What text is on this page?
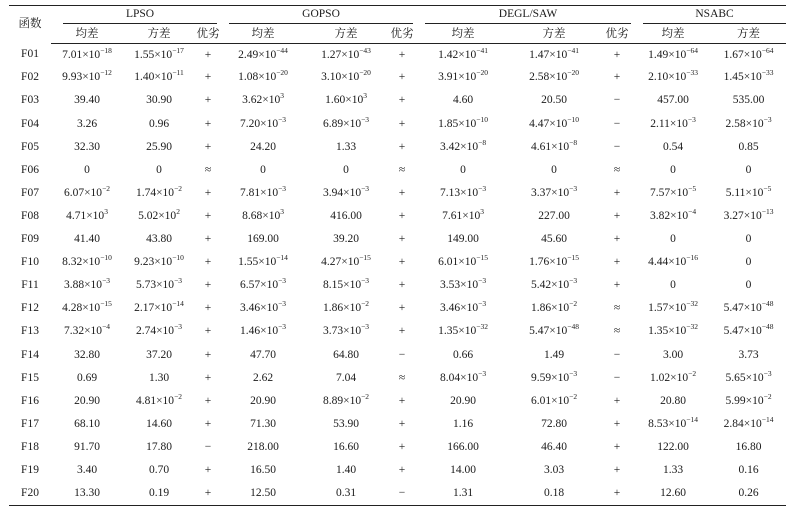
函数	LPSO			GOPSO			DEGL/SAW			NSABC	

	均差	方差	优劣	均差	方差	优劣	均差	方差	优劣	均差	方差
F01	$7.01\times 10^{-18}$	$1.55\times 10^{-17}$	+	$2.49\times 10^{-44}$	$1.27\times 10^{-43}$	+	$1.42\times 10^{-41}$	$1.47\times 10^{-41}$	+	$1.49\times 10^{-64}$	$1.67\times 10^{-64}$
F02	$9.93\times 10^{-12}$	$1.40\times 10^{-11}$	+	$1.08\times 10^{-20}$	$3.10\times 10^{-20}$	+	$3.91\times 10^{-20}$	$2.58\times 10^{-20}$	+	$2.10\times 10^{-33}$	$1.45\times 10^{-33}$
F03	39.40	30.90	+	$3.62\times 10^3$	$1.60\times 10^3$	+	4.60	20.50	−	457.00	535.00
F04	3.26	0.96	+	$7.20\times 10^{-3}$	$6.89\times 10^{-3}$	+	$1.85\times 10^{-10}$	$4.47\times 10^{-10}$	−	$2.11\times 10^{-3}$	$2.58\times 10^{-3}$
F05	32.30	25.90	+	24.20	1.33	+	$3.42\times 10^{-8}$	$4.61\times 10^{-8}$	−	0.54	0.85
F06	0	0	≈	0	0	≈	0	0	≈	0	0
F07	$6.07\times 10^{-2}$	$1.74\times 10^{-2}$	+	$7.81\times 10^{-3}$	$3.94\times 10^{-3}$	+	$7.13\times 10^{-3}$	$3.37\times 10^{-3}$	+	$7.57\times 10^{-5}$	$5.11\times 10^{-5}$
F08	$4.71\times 10^3$	$5.02\times 10^2$	+	$8.68\times 10^3$	416.00	+	$7.61\times 10^3$	227.00	+	$3.82\times 10^{-4}$	$3.27\times 10^{-13}$
F09	41.40	43.80	+	169.00	39.20	+	149.00	45.60	+	0	0
F10	$8.32\times 10^{-10}$	$9.23\times 10^{-10}$	+	$1.55\times 10^{-14}$	$4.27\times 10^{-15}$	+	$6.01\times 10^{-15}$	$1.76\times 10^{-15}$	+	$4.44\times 10^{-16}$	0
F11	$3.88\times 10^{-3}$	$5.73\times 10^{-3}$	+	$6.57\times 10^{-3}$	$8.15\times 10^{-3}$	+	$3.53\times 10^{-3}$	$5.42\times 10^{-3}$	+	0	0
F12	$4.28\times 10^{-15}$	$2.17\times 10^{-14}$	+	$3.46\times 10^{-3}$	$1.86\times 10^{-2}$	+	$3.46\times 10^{-3}$	$1.86\times 10^{-2}$	≈	$1.57\times 10^{-32}$	$5.47\times 10^{-48}$
F13	$7.32\times 10^{-4}$	$2.74\times 10^{-3}$	+	$1.46\times 10^{-3}$	$3.73\times 10^{-3}$	+	$1.35\times 10^{-32}$	$5.47\times 10^{-48}$	≈	$1.35\times 10^{-32}$	$5.47\times 10^{-48}$
F14	32.80	37.20	+	47.70	64.80	−	0.66	1.49	−	3.00	3.73
F15	0.69	1.30	+	2.62	7.04	≈	$8.04\times 10^{-3}$	$9.59\times 10^{-3}$	−	$1.02\times 10^{-2}$	$5.65\times 10^{-3}$
F16	20.90	$4.81\times 10^{-2}$	+	20.90	$8.89\times 10^{-2}$	+	20.90	$6.01\times 10^{-2}$	+	20.80	$5.99\times 10^{-2}$
F17	68.10	14.60	+	71.30	53.90	+	1.16	72.80	+	$8.53\times 10^{-14}$	$2.84\times 10^{-14}$
F18	91.70	17.80	−	218.00	16.60	+	166.00	46.40	+	122.00	16.80
F19	3.40	0.70	+	16.50	1.40	+	14.00	3.03	+	1.33	0.16
F20	13.30	0.19	+	12.50	0.31	−	1.31	0.18	+	12.60	0.26
